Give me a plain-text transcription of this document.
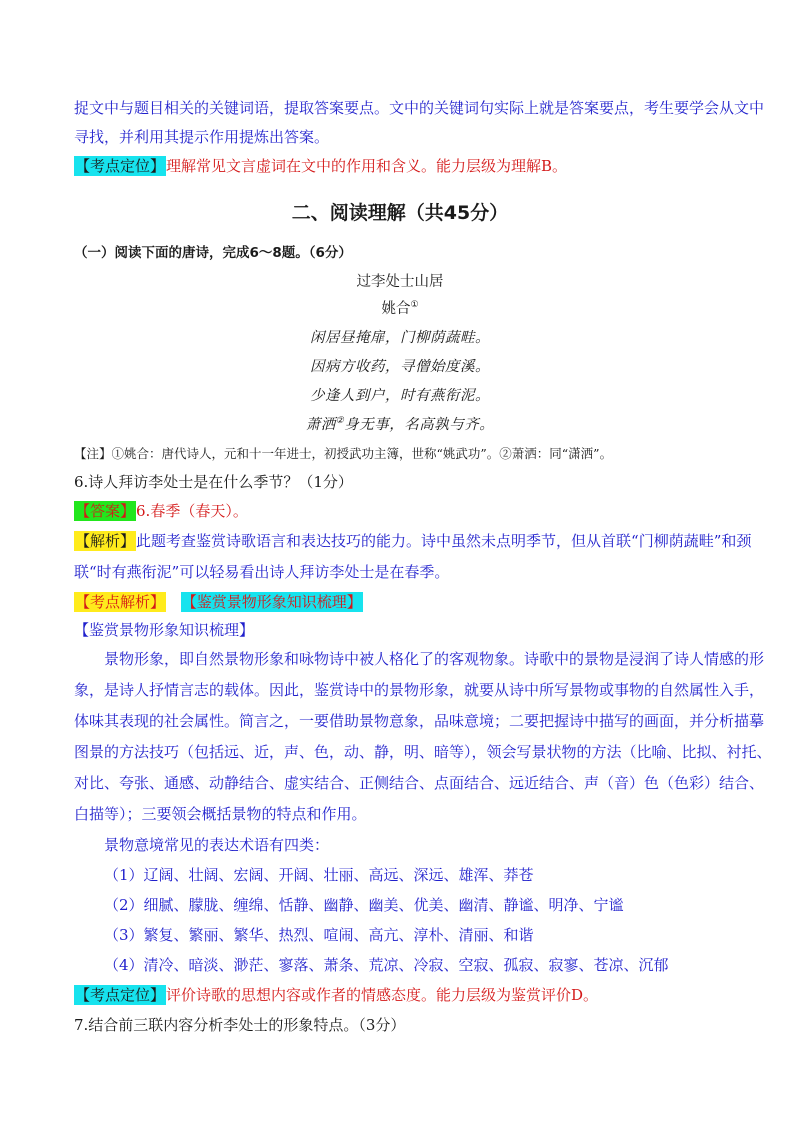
捉文中与题目相关的关键词语，提取答案要点。文中的关键词句实际上就是答案要点，考生要学会从文中
寻找，并利用其提示作用提炼出答案。
【考点定位】理解常见文言虚词在文中的作用和含义。能力层级为理解B。
二、阅读理解（共45分）
（一）阅读下面的唐诗，完成6～8题。（6分）
过李处士山居
姚合①
闲居昼掩扉，门柳荫蔬畦。
因病方收药，寻僧始度溪。
少逢人到户，时有燕衔泥。
萧洒②身无事，名高孰与齐。
【注】①姚合：唐代诗人，元和十一年进士，初授武功主簿，世称“姚武功”。②萧洒：同“潇洒”。
6.诗人拜访李处士是在什么季节？（1分）
【答案】6.春季（春天）。
【解析】此题考查鉴赏诗歌语言和表达技巧的能力。诗中虽然未点明季节，但从首联“门柳荫蔬畦”和颈
联“时有燕衔泥”可以轻易看出诗人拜访李处士是在春季。
【考点解析】 【鉴赏景物形象知识梳理】
【鉴赏景物形象知识梳理】
景物形象，即自然景物形象和咏物诗中被人格化了的客观物象。诗歌中的景物是浸润了诗人情感的形
象，是诗人抒情言志的载体。因此，鉴赏诗中的景物形象，就要从诗中所写景物或事物的自然属性入手，
体味其表现的社会属性。简言之，一要借助景物意象，品味意境；二要把握诗中描写的画面，并分析描摹
图景的方法技巧（包括远、近，声、色，动、静，明、暗等），领会写景状物的方法（比喻、比拟、衬托、
对比、夸张、通感、动静结合、虚实结合、正侧结合、点面结合、远近结合、声（音）色（色彩）结合、
白描等）；三要领会概括景物的特点和作用。
景物意境常见的表达术语有四类：
（1）辽阔、壮阔、宏阔、开阔、壮丽、高远、深远、雄浑、莽苍
（2）细腻、朦胧、缠绵、恬静、幽静、幽美、优美、幽清、静谧、明净、宁谧
（3）繁复、繁丽、繁华、热烈、喧闹、高亢、淳朴、清丽、和谐
（4）清冷、暗淡、渺茫、寥落、萧条、荒凉、冷寂、空寂、孤寂、寂寥、苍凉、沉郁
【考点定位】评价诗歌的思想内容或作者的情感态度。能力层级为鉴赏评价D。
7.结合前三联内容分析李处士的形象特点。（3分）
